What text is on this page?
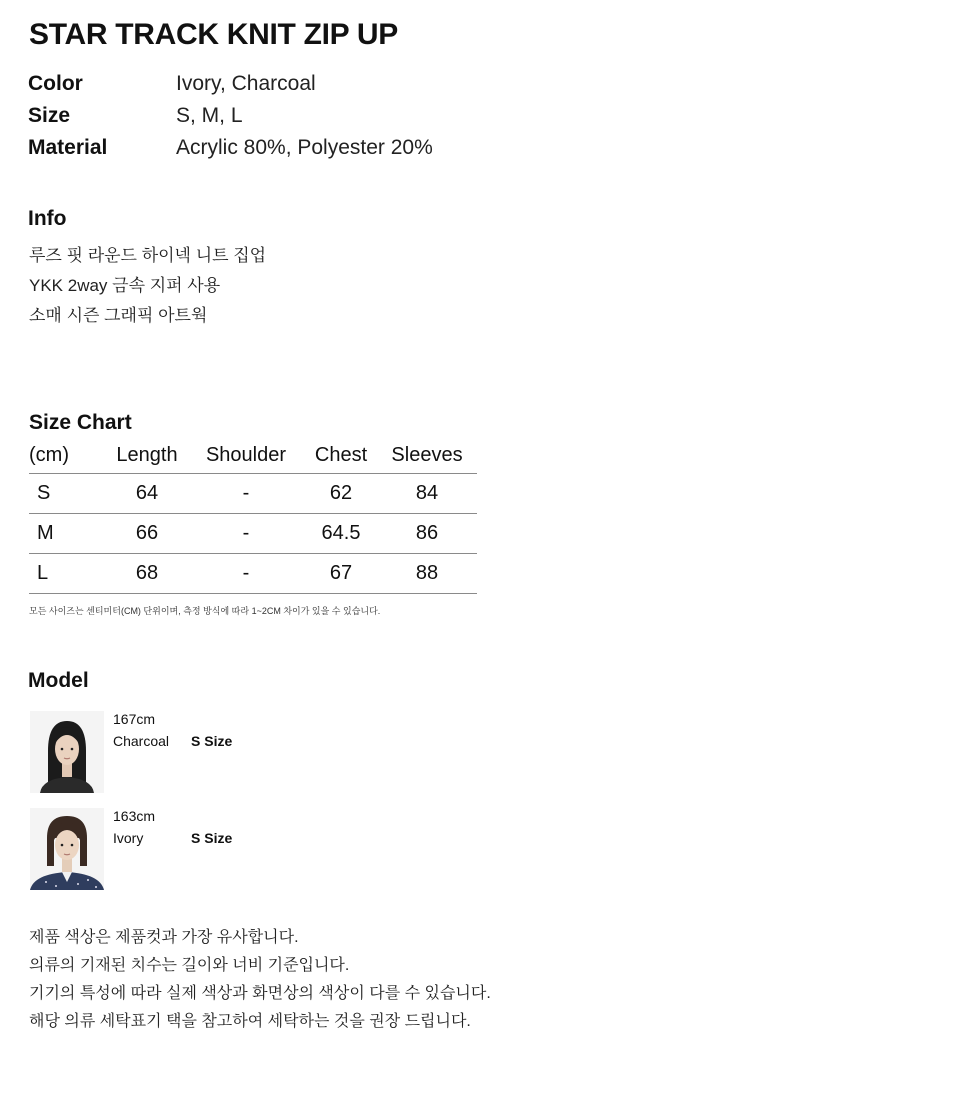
STAR TRACK KNIT ZIP UP
Color	Ivory, Charcoal
Size	S, M, L
Material	Acrylic 80%, Polyester 20%
Info
루즈 핏 라운드 하이넥 니트 집업
YKK 2way 금속 지퍼 사용
소매 시즌 그래픽 아트웍
Size Chart
(cm)	Length	Shoulder	Chest	Sleeves
S	64	-	62	84
M	66	-	64.5	86
L	68	-	67	88
모든 사이즈는 센티미터(CM) 단위이며, 측정 방식에 따라 1~2CM 차이가 있을 수 있습니다.
Model
167cm
Charcoal S Size
163cm
Ivory	S Size
제품 색상은 제품컷과 가장 유사합니다.
의류의 기재된 치수는 길이와 너비 기준입니다.
기기의 특성에 따라 실제 색상과 화면상의 색상이 다를 수 있습니다.
해당 의류 세탁표기 택을 참고하여 세탁하는 것을 권장 드립니다.
